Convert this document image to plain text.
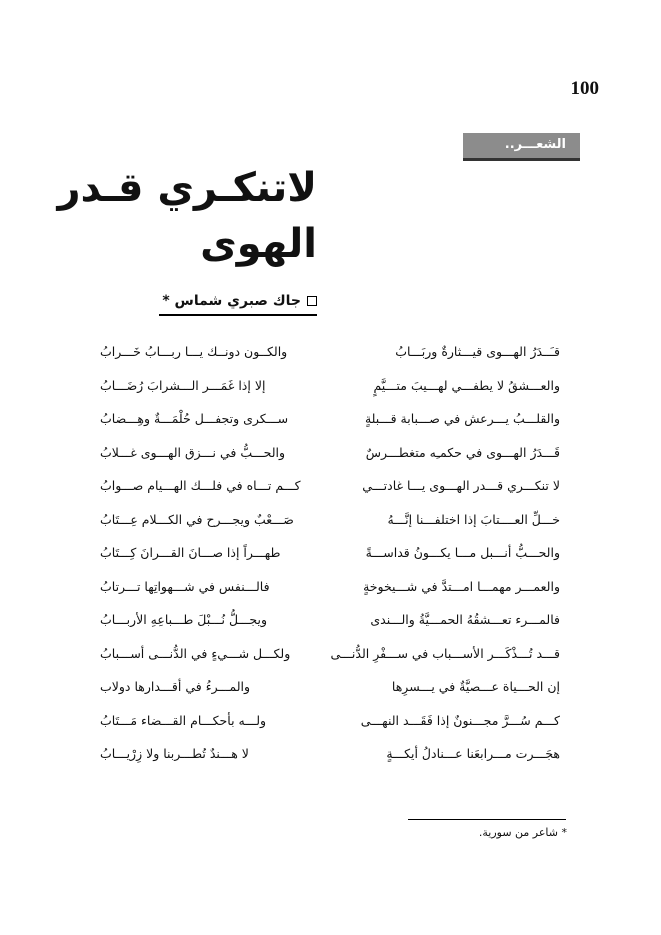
100
الشعـــر..
لاتنكـري قـدر
الهوى
جاك صبري شماس *
قـَــدَرُ الهـــوى قيـــثارةٌ وربَـــابُ
والكــون دونــك يـــا ربـــابُ خَـــرابُ
والعـــشقُ لا يطفـــي لهـــيبَ متـــيَّمٍ
إلا إذا غَمَـــر الـــشرابَ رُضَـــابُ
والقلـــبُ يـــرعش في صـــبابة قـــبلةٍ
ســـكرى وتجفـــل حُلْمَـــةٌ وهِـــضابُ
قَـــدَرُ الهـــوى في حكمـِه متغطـــرسٌ
والحـــبُّ في نـــزق الهـــوى غـــلابُ
لا تنكـــري قـــدر الهـــوى يـــا غادتـــي
كـــم تـــاه في فلـــك الهـــيام صـــوابُ
خـــلِّ العــــتابَ إذا اختلفـــنا إنَّـــهُ
صَـــعْبٌ ويجـــرح في الكـــلام عِـــتَابُ
والحـــبُّ أنـــبل مـــا يكـــونُ قداســـةً
طهـــراً إذا صـــانَ القـــرانَ كِـــتَابُ
والعمـــر مهمـــا امـــتدَّ في شـــيخوخةٍ
فالـــنفس في شـــهواتِها تـــرتابُ
فالمـــرء تعـــشقُهُ الحمـــيَّةُ والـــندى
ويجـــلُّ نُـــبْلَ طـــباعِهِ الأربـــابُ
قـــد تُـــذْكَـــر الأســـباب في ســـفْرِ الدُّنـــى
ولكـــل شـــيءٍ في الدُّنـــى أســـبابُ
إن الحـــياة عـــصيَّةٌ في يـــسرِها
والمـــرءُ في أقـــدارها دولاب
كـــم سُـــرَّ مجـــنونٌ إذا فَقَـــد النهـــى
ولـــه بأحكـــام القـــضاء مَـــتَابُ
هجَـــرت مـــرابعَنا عـــنادلُ أيكـــةٍ
لا هـــندٌ تُطـــربنا ولا زِرْيـــابُ
* شاعر من سورية.
